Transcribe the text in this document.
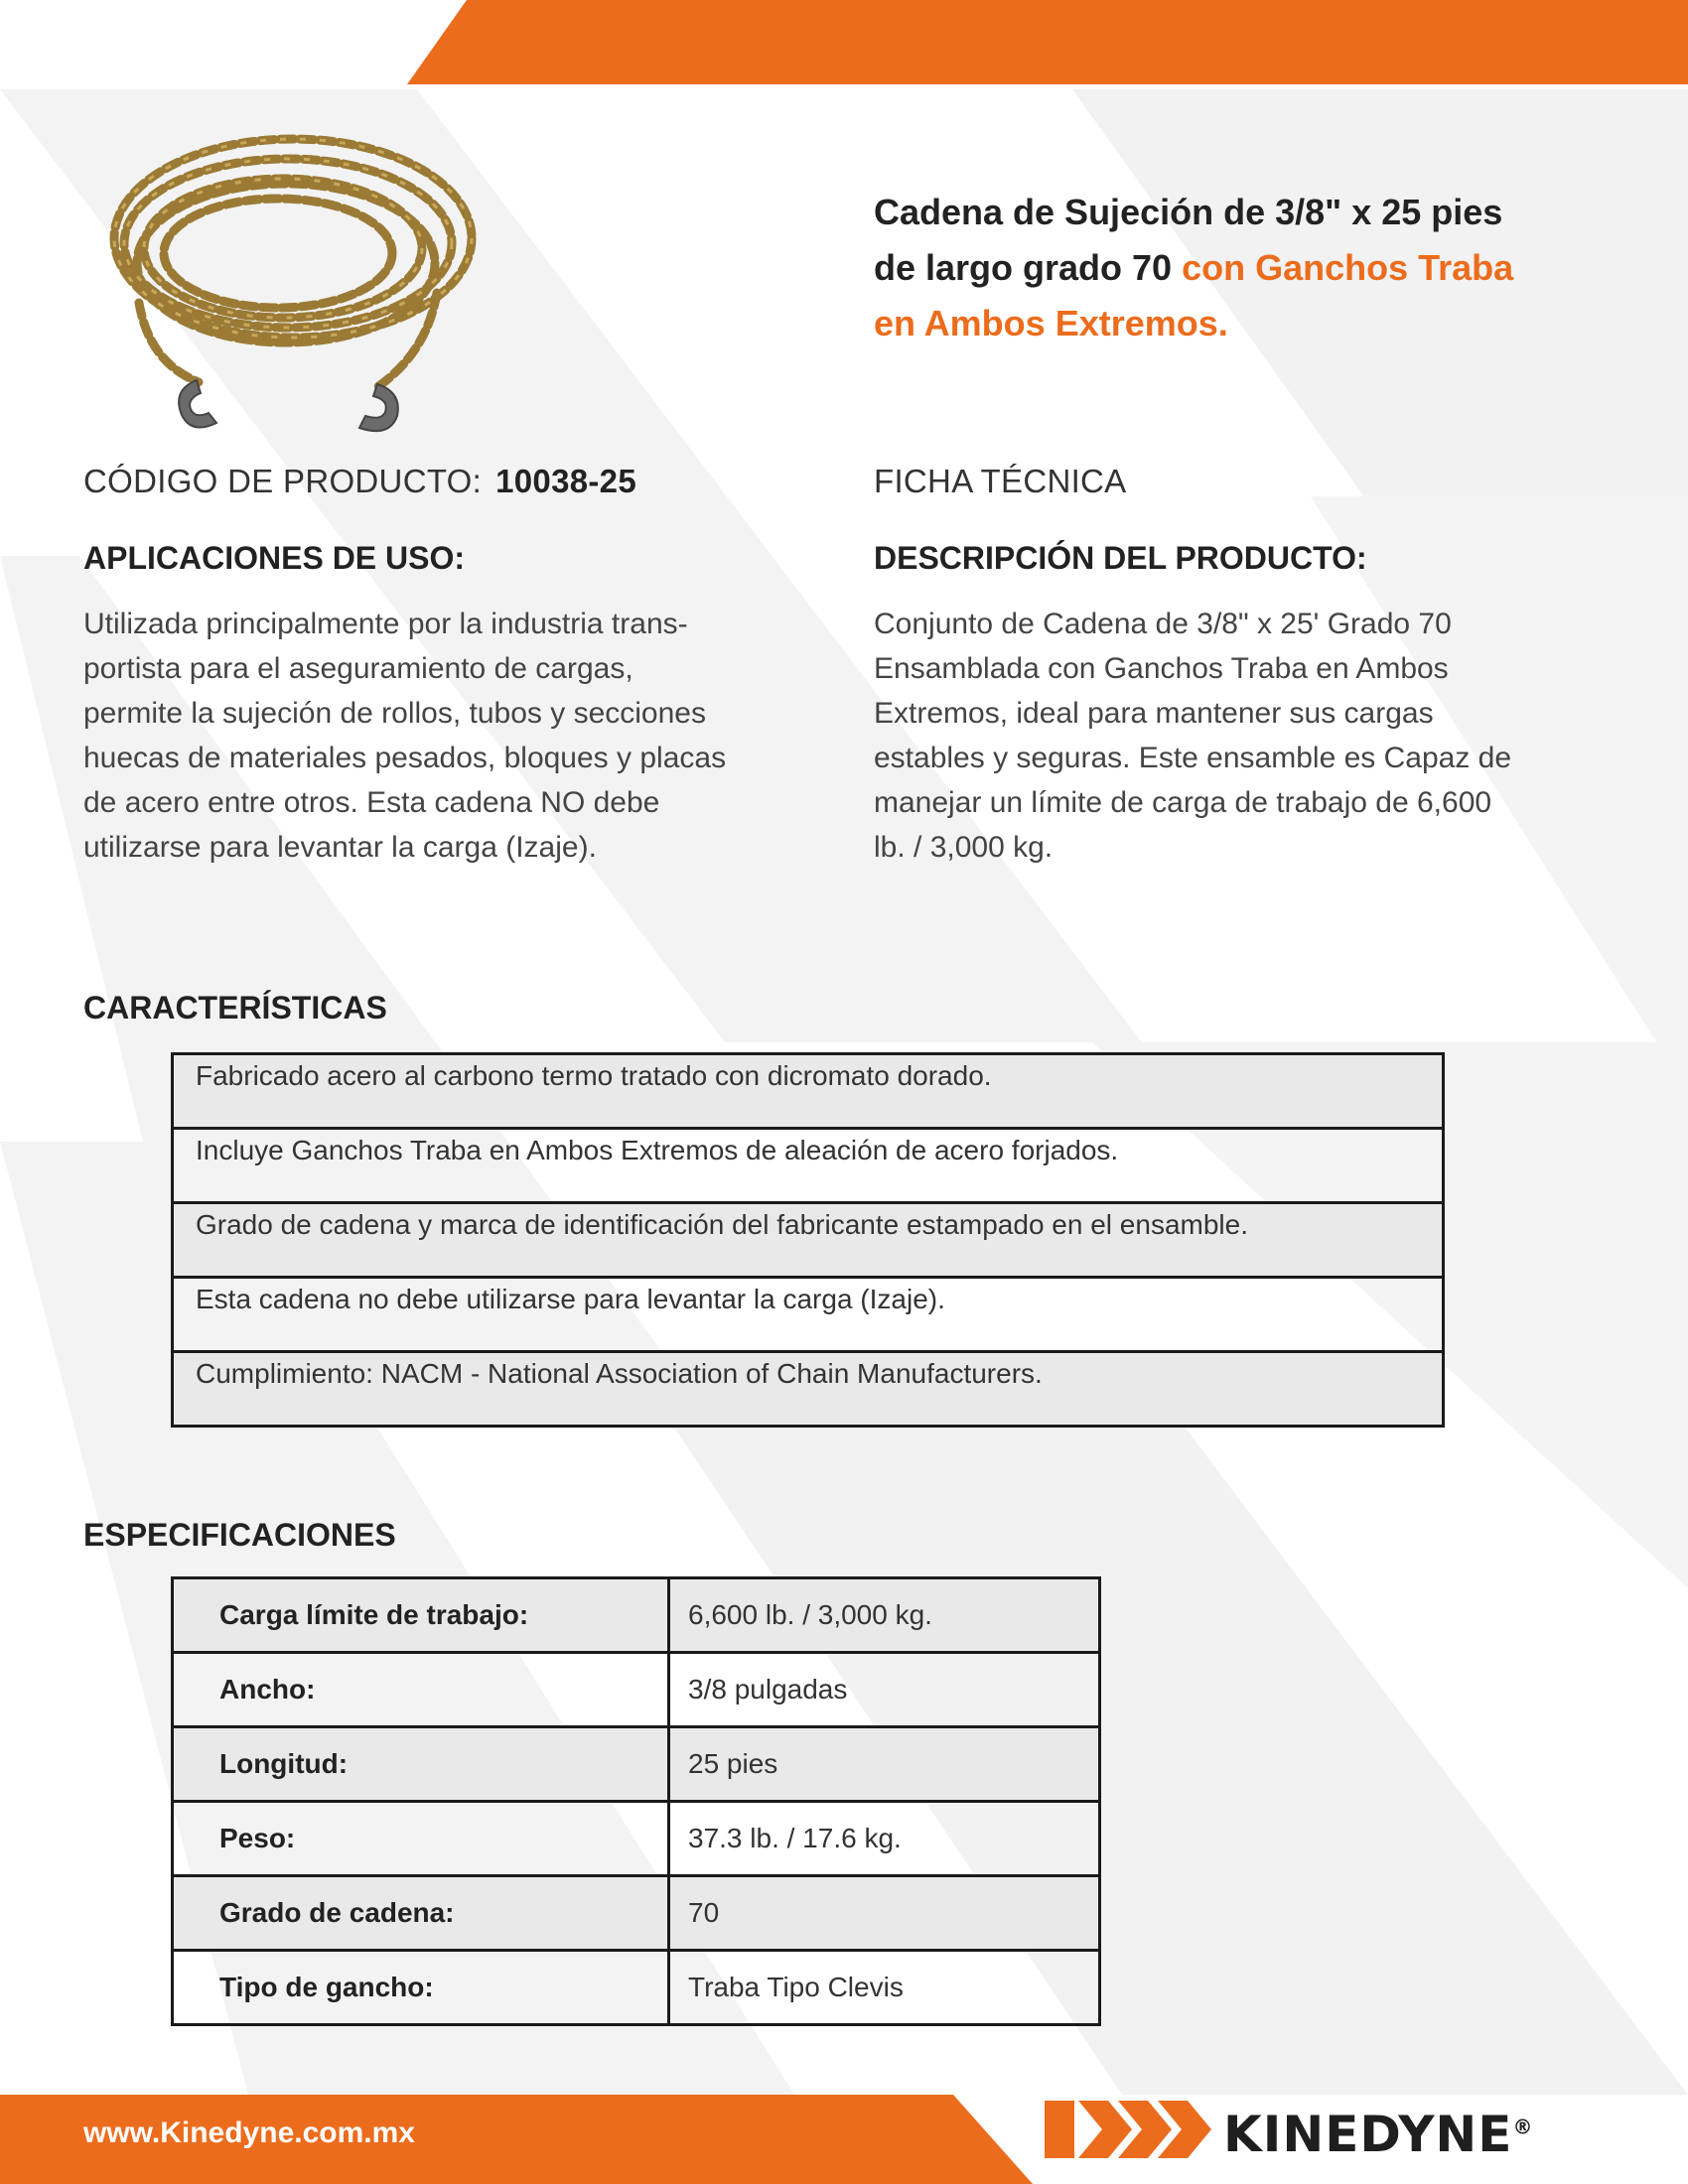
Cadena de Sujeción de 3/8" x 25 pies
de largo grado 70 con Ganchos Traba
en Ambos Extremos.
CÓDIGO DE PRODUCTO: 10038-25	FICHA TÉCNICA
APLICACIONES DE USO:
Utilizada principalmente por la industria trans-
portista para el aseguramiento de cargas,
permite la sujeción de rollos, tubos y secciones
huecas de materiales pesados, bloques y placas
de acero entre otros. Esta cadena NO debe
utilizarse para levantar la carga (Izaje).
DESCRIPCIÓN DEL PRODUCTO:
Conjunto de Cadena de 3/8" x 25' Grado 70
Ensamblada con Ganchos Traba en Ambos
Extremos, ideal para mantener sus cargas
estables y seguras. Este ensamble es Capaz de
manejar un límite de carga de trabajo de 6,600
lb. / 3,000 kg.
CARACTERÍSTICAS
Fabricado acero al carbono termo tratado con dicromato dorado.
Incluye Ganchos Traba en Ambos Extremos de aleación de acero forjados.
Grado de cadena y marca de identificación del fabricante estampado en el ensamble.
Esta cadena no debe utilizarse para levantar la carga (Izaje).
Cumplimiento: NACM - National Association of Chain Manufacturers.
ESPECIFICACIONES
Carga límite de trabajo:	6,600 lb. / 3,000 kg.
Ancho:	3/8 pulgadas
Longitud:	25 pies
Peso:	37.3 lb. / 17.6 kg.
Grado de cadena:	70
Tipo de gancho:	Traba Tipo Clevis
www.Kinedyne.com.mx	KINEDYNE®
